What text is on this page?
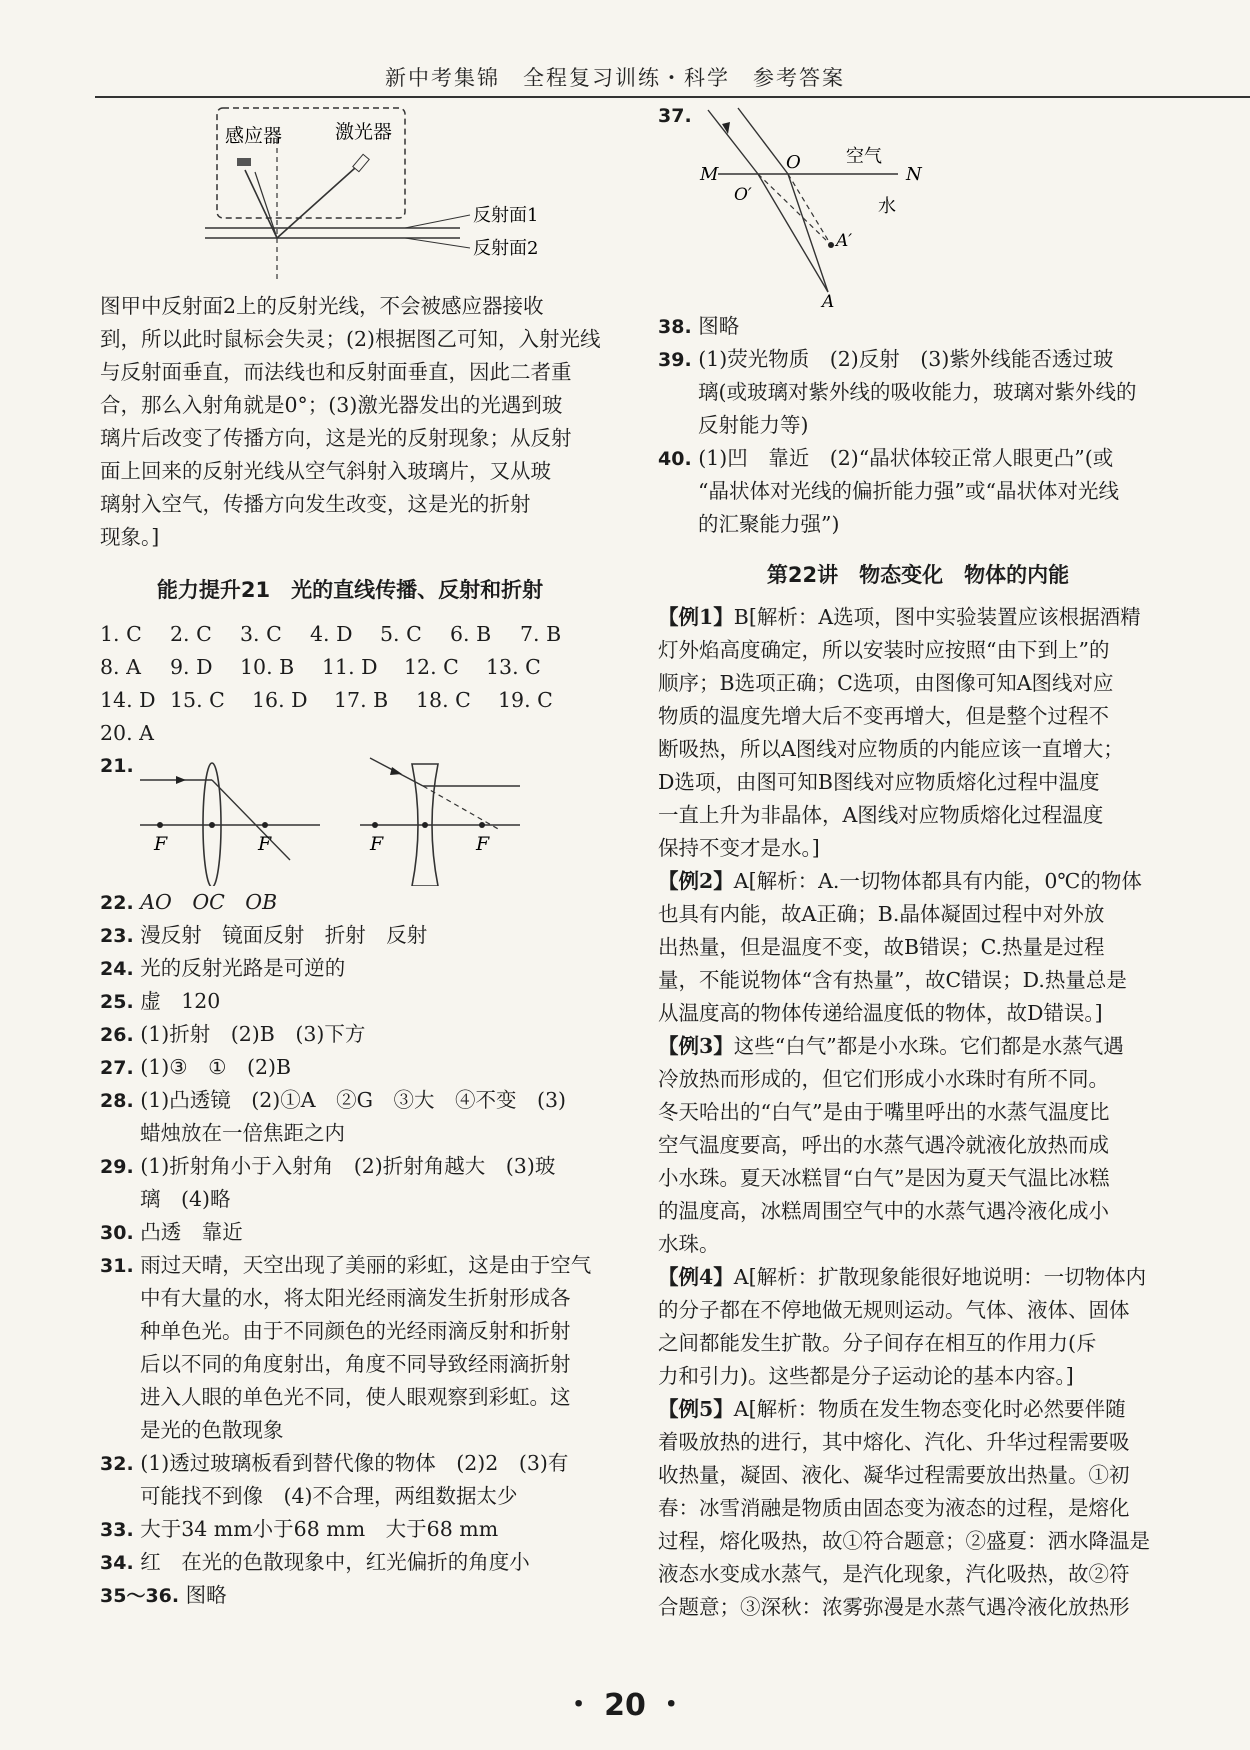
新中考集锦　全程复习训练・科学　参考答案
感应器	激光器
反射面1
反射面2
图甲中反射面2上的反射光线，不会被感应器接收
到，所以此时鼠标会失灵；(2)根据图乙可知，入射光线
与反射面垂直，而法线也和反射面垂直，因此二者重
合，那么入射角就是0°；(3)激光器发出的光遇到玻
璃片后改变了传播方向，这是光的反射现象；从反射
面上回来的反射光线从空气斜射入玻璃片，又从玻
璃射入空气，传播方向发生改变，这是光的折射
现象。]
能力提升21　光的直线传播、反射和折射
1. C	2. C	3. C	4. D	5. C	6. B	7. B
8. A	9. D	10. B	11. D	12. C	13. C
14. D 15. C	16. D	17. B	18. C	19. C
20. A
21.
F	F	F	F
22. AO　OC　OB
23. 漫反射　镜面反射　折射　反射
24. 光的反射光路是可逆的
25. 虚　120
26. (1)折射　(2)B　(3)下方
27. (1)③　①　(2)B
28. (1)凸透镜　(2)①A　②G　③大　④不变　(3)
蜡烛放在一倍焦距之内
29. (1)折射角小于入射角　(2)折射角越大　(3)玻
璃　(4)略
30. 凸透　靠近
31. 雨过天晴，天空出现了美丽的彩虹，这是由于空气
中有大量的水，将太阳光经雨滴发生折射形成各
种单色光。由于不同颜色的光经雨滴反射和折射
后以不同的角度射出，角度不同导致经雨滴折射
进入人眼的单色光不同，使人眼观察到彩虹。这
是光的色散现象
32. (1)透过玻璃板看到替代像的物体　(2)2　(3)有
可能找不到像　(4)不合理，两组数据太少
33. 大于34 mm小于68 mm　大于68 mm
34. 红　在光的色散现象中，红光偏折的角度小
35～36. 图略
37.
M	N
O
O′
空气
水
A′
A
38. 图略
39. (1)荧光物质　(2)反射　(3)紫外线能否透过玻
璃(或玻璃对紫外线的吸收能力，玻璃对紫外线的
反射能力等)
40. (1)凹　靠近　(2)“晶状体较正常人眼更凸”(或
“晶状体对光线的偏折能力强”或“晶状体对光线
的汇聚能力强”)
第22讲　物态变化　物体的内能
【例1】B[解析：A选项，图中实验装置应该根据酒精
灯外焰高度确定，所以安装时应按照“由下到上”的
顺序；B选项正确；C选项，由图像可知A图线对应
物质的温度先增大后不变再增大，但是整个过程不
断吸热，所以A图线对应物质的内能应该一直增大；
D选项，由图可知B图线对应物质熔化过程中温度
一直上升为非晶体，A图线对应物质熔化过程温度
保持不变才是水。]
【例2】A[解析：A.一切物体都具有内能，0℃的物体
也具有内能，故A正确；B.晶体凝固过程中对外放
出热量，但是温度不变，故B错误；C.热量是过程
量，不能说物体“含有热量”，故C错误；D.热量总是
从温度高的物体传递给温度低的物体，故D错误。]
【例3】这些“白气”都是小水珠。它们都是水蒸气遇
冷放热而形成的，但它们形成小水珠时有所不同。
冬天哈出的“白气”是由于嘴里呼出的水蒸气温度比
空气温度要高，呼出的水蒸气遇冷就液化放热而成
小水珠。夏天冰糕冒“白气”是因为夏天气温比冰糕
的温度高，冰糕周围空气中的水蒸气遇冷液化成小
水珠。
【例4】A[解析：扩散现象能很好地说明：一切物体内
的分子都在不停地做无规则运动。气体、液体、固体
之间都能发生扩散。分子间存在相互的作用力(斥
力和引力)。这些都是分子运动论的基本内容。]
【例5】A[解析：物质在发生物态变化时必然要伴随
着吸放热的进行，其中熔化、汽化、升华过程需要吸
收热量，凝固、液化、凝华过程需要放出热量。①初
春：冰雪消融是物质由固态变为液态的过程，是熔化
过程，熔化吸热，故①符合题意；②盛夏：洒水降温是
液态水变成水蒸气，是汽化现象，汽化吸热，故②符
合题意；③深秋：浓雾弥漫是水蒸气遇冷液化放热形
・ 20 ・
